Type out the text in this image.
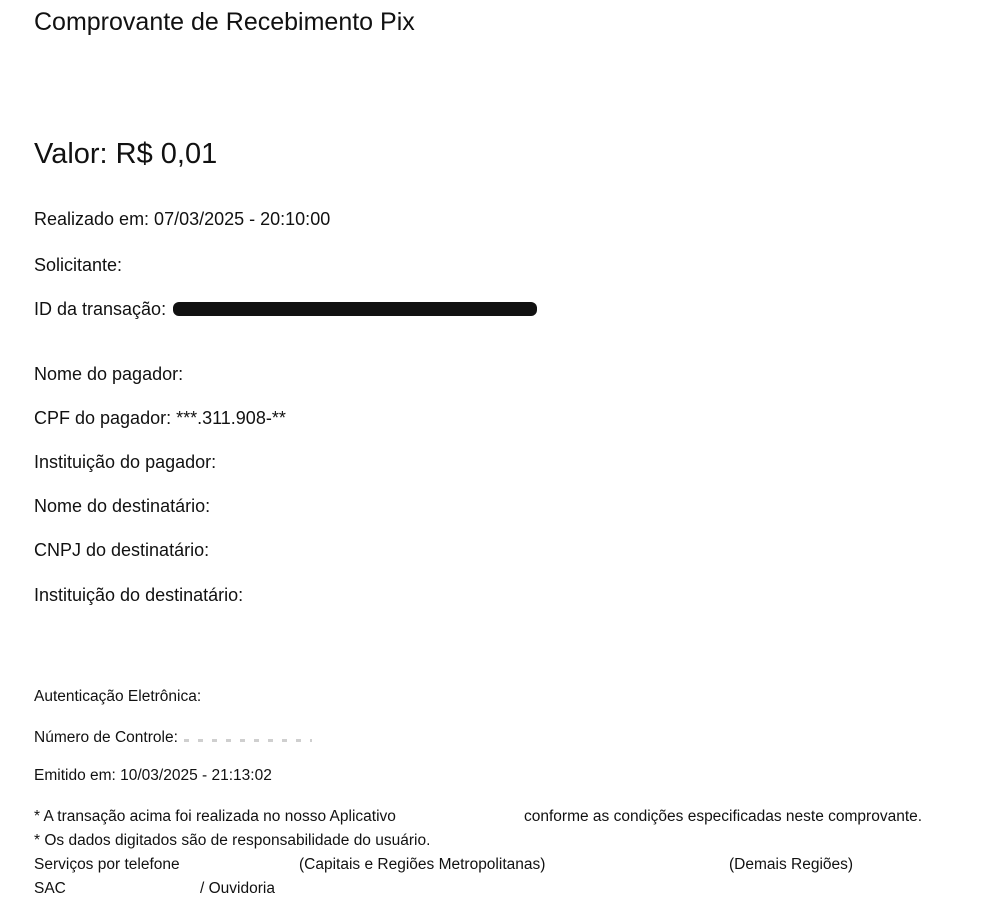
Comprovante de Recebimento Pix
Valor: R$ 0,01
Realizado em: 07/03/2025 - 20:10:00
Solicitante:
ID da transação:
Nome do pagador:
CPF do pagador: ***.311.908-**
Instituição do pagador:
Nome do destinatário:
CNPJ do destinatário:
Instituição do destinatário:
Autenticação Eletrônica:
Número de Controle:
Emitido em: 10/03/2025 - 21:13:02
* A transação acima foi realizada no nosso Aplicativo	conforme as condições especificadas neste comprovante.
* Os dados digitados são de responsabilidade do usuário.
Serviços por telefone	(Capitais e Regiões Metropolitanas)	(Demais Regiões)
SAC	/ Ouvidoria
